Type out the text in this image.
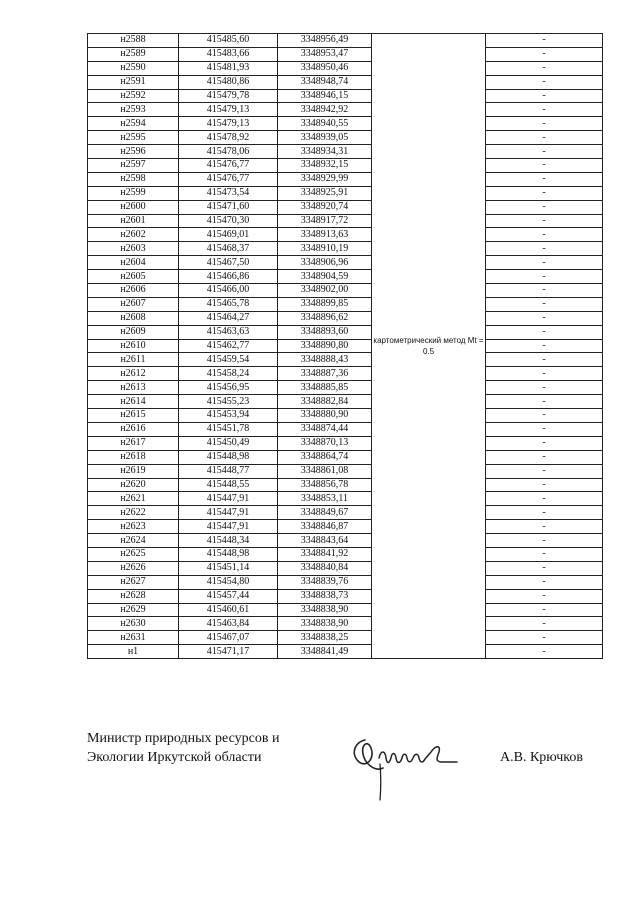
н2588	415485,60	3348956,49	картометрический метод Mt = 0.5	-
н2589	415483,66	3348953,47		-
н2590	415481,93	3348950,46		-
н2591	415480,86	3348948,74		-
н2592	415479,78	3348946,15		-
н2593	415479,13	3348942,92		-
н2594	415479,13	3348940,55		-
н2595	415478,92	3348939,05		-
н2596	415478,06	3348934,31		-
н2597	415476,77	3348932,15		-
н2598	415476,77	3348929,99		-
н2599	415473,54	3348925,91		-
н2600	415471,60	3348920,74		-
н2601	415470,30	3348917,72		-
н2602	415469,01	3348913,63		-
н2603	415468,37	3348910,19		-
н2604	415467,50	3348906,96		-
н2605	415466,86	3348904,59		-
н2606	415466,00	3348902,00		-
н2607	415465,78	3348899,85		-
н2608	415464,27	3348896,62		-
н2609	415463,63	3348893,60		-
н2610	415462,77	3348890,80		-
н2611	415459,54	3348888,43		-
н2612	415458,24	3348887,36		-
н2613	415456,95	3348885,85		-
н2614	415455,23	3348882,84		-
н2615	415453,94	3348880,90		-
н2616	415451,78	3348874,44		-
н2617	415450,49	3348870,13		-
н2618	415448,98	3348864,74		-
н2619	415448,77	3348861,08		-
н2620	415448,55	3348856,78		-
н2621	415447,91	3348853,11		-
н2622	415447,91	3348849,67		-
н2623	415447,91	3348846,87		-
н2624	415448,34	3348843,64		-
н2625	415448,98	3348841,92		-
н2626	415451,14	3348840,84		-
н2627	415454,80	3348839,76		-
н2628	415457,44	3348838,73		-
н2629	415460,61	3348838,90		-
н2630	415463,84	3348838,90		-
н2631	415467,07	3348838,25		-
н1	415471,17	3348841,49		-
Министр природных ресурсов и
Экологии Иркутской области	А.В. Крючков
